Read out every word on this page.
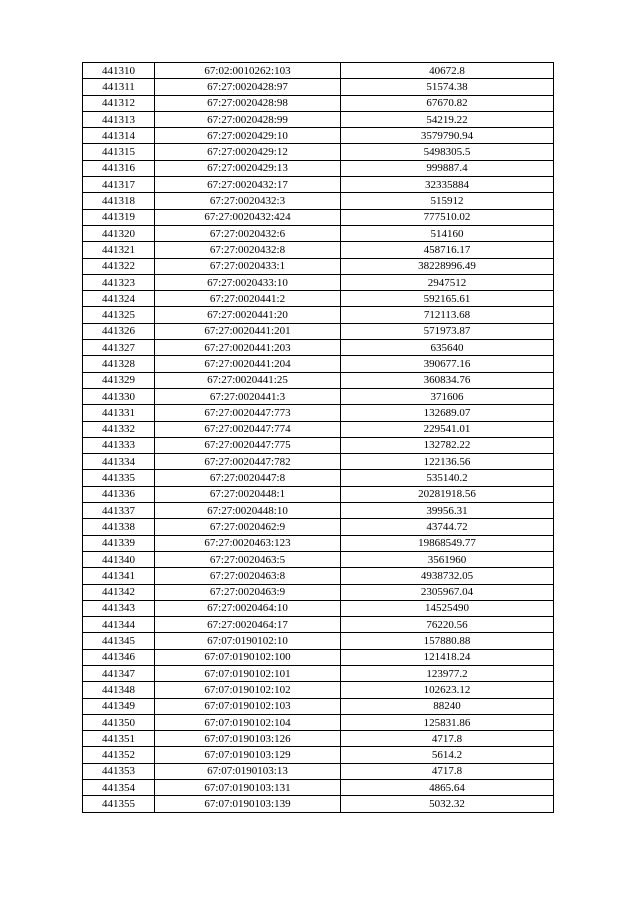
441310	67:02:0010262:103	40672.8
441311	67:27:0020428:97	51574.38
441312	67:27:0020428:98	67670.82
441313	67:27:0020428:99	54219.22
441314	67:27:0020429:10	3579790.94
441315	67:27:0020429:12	5498305.5
441316	67:27:0020429:13	999887.4
441317	67:27:0020432:17	32335884
441318	67:27:0020432:3	515912
441319	67:27:0020432:424	777510.02
441320	67:27:0020432:6	514160
441321	67:27:0020432:8	458716.17
441322	67:27:0020433:1	38228996.49
441323	67:27:0020433:10	2947512
441324	67:27:0020441:2	592165.61
441325	67:27:0020441:20	712113.68
441326	67:27:0020441:201	571973.87
441327	67:27:0020441:203	635640
441328	67:27:0020441:204	390677.16
441329	67:27:0020441:25	360834.76
441330	67:27:0020441:3	371606
441331	67:27:0020447:773	132689.07
441332	67:27:0020447:774	229541.01
441333	67:27:0020447:775	132782.22
441334	67:27:0020447:782	122136.56
441335	67:27:0020447:8	535140.2
441336	67:27:0020448:1	20281918.56
441337	67:27:0020448:10	39956.31
441338	67:27:0020462:9	43744.72
441339	67:27:0020463:123	19868549.77
441340	67:27:0020463:5	3561960
441341	67:27:0020463:8	4938732.05
441342	67:27:0020463:9	2305967.04
441343	67:27:0020464:10	14525490
441344	67:27:0020464:17	76220.56
441345	67:07:0190102:10	157880.88
441346	67:07:0190102:100	121418.24
441347	67:07:0190102:101	123977.2
441348	67:07:0190102:102	102623.12
441349	67:07:0190102:103	88240
441350	67:07:0190102:104	125831.86
441351	67:07:0190103:126	4717.8
441352	67:07:0190103:129	5614.2
441353	67:07:0190103:13	4717.8
441354	67:07:0190103:131	4865.64
441355	67:07:0190103:139	5032.32
